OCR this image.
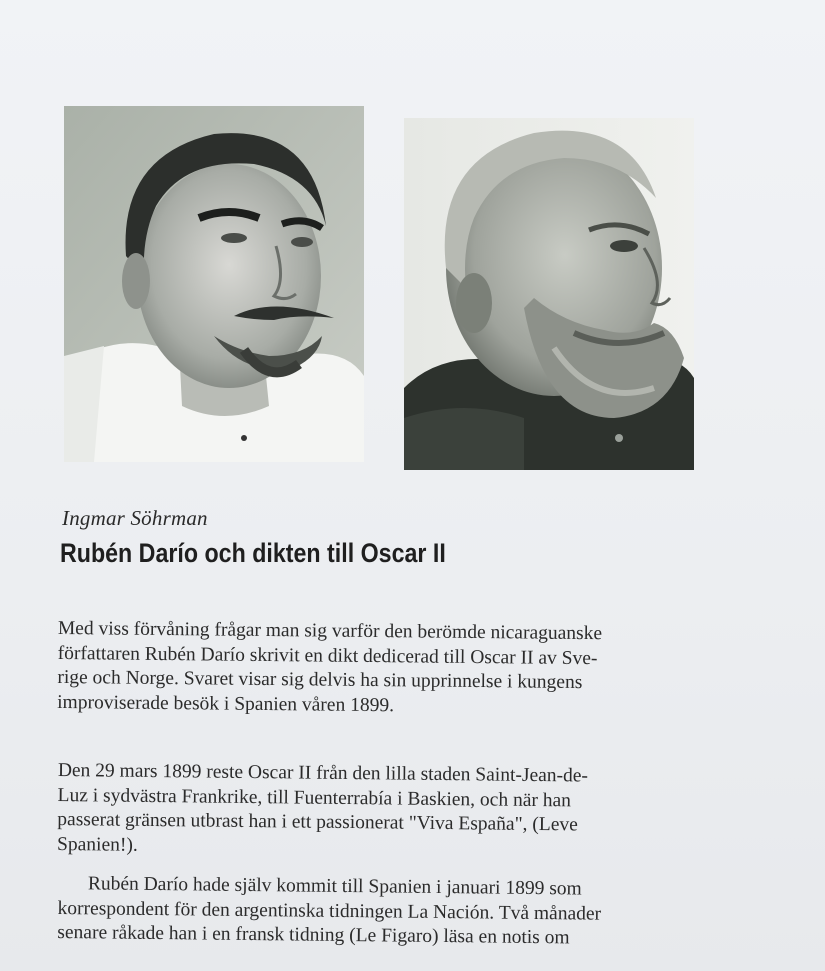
Ingmar Söhrman
Rubén Darío och dikten till Oscar II
Med viss förvåning frågar man sig varför den berömde nicaraguanske
författaren Rubén Darío skrivit en dikt dedicerad till Oscar II av Sve-
rige och Norge. Svaret visar sig delvis ha sin upprinnelse i kungens
improviserade besök i Spanien våren 1899.
Den 29 mars 1899 reste Oscar II från den lilla staden Saint-Jean-de-
Luz i sydvästra Frankrike, till Fuenterrabía i Baskien, och när han
passerat gränsen utbrast han i ett passionerat "Viva España", (Leve
Spanien!).
Rubén Darío hade själv kommit till Spanien i januari 1899 som
korrespondent för den argentinska tidningen La Nación. Två månader
senare råkade han i en fransk tidning (Le Figaro) läsa en notis om
